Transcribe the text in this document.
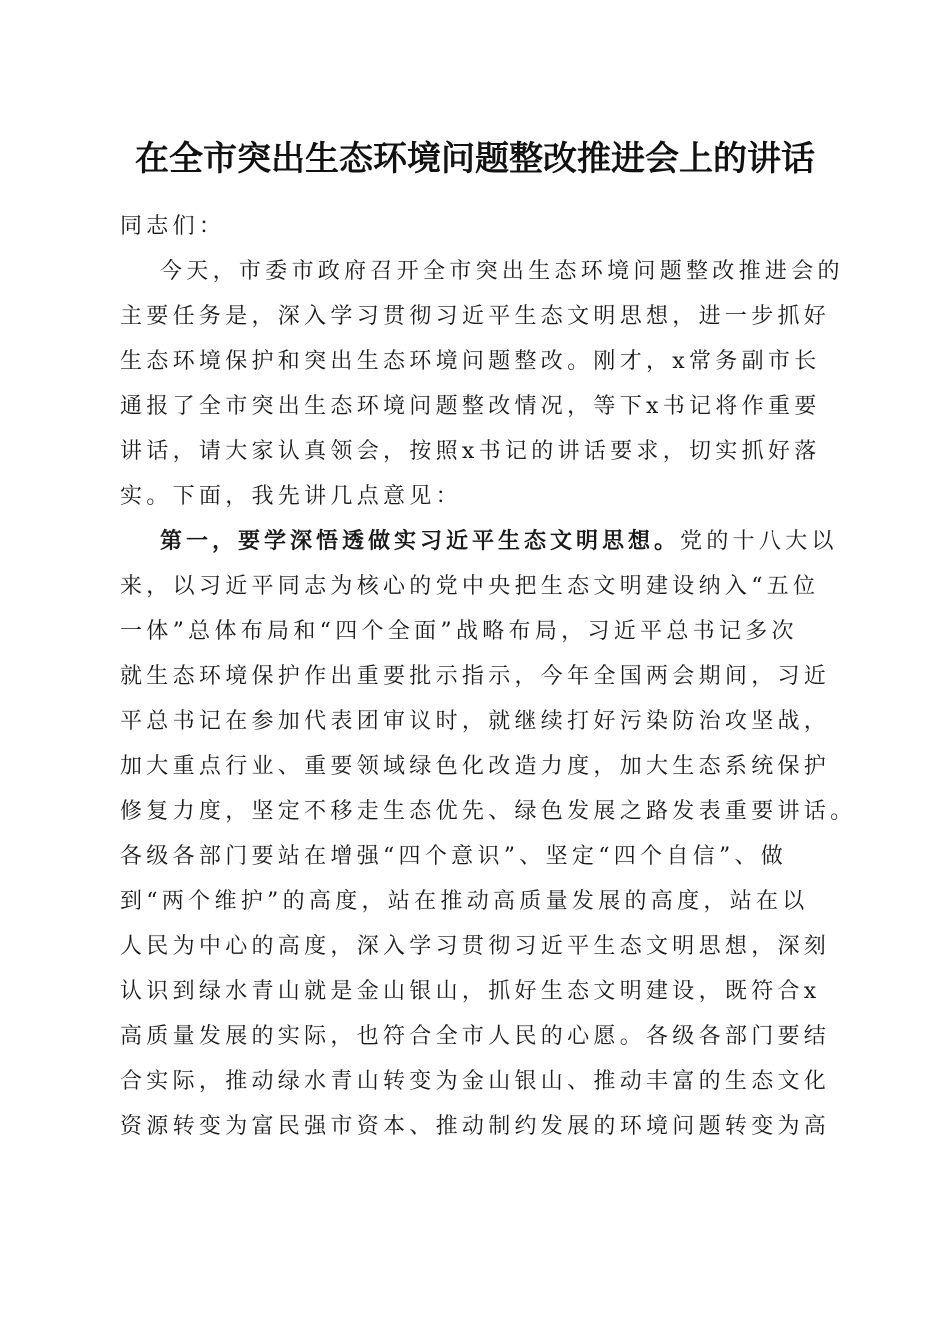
在全市突出生态环境问题整改推进会上的讲话
同志们：
今天，市委市政府召开全市突出生态环境问题整改推进会的
主要任务是，深入学习贯彻习近平生态文明思想，进一步抓好
生态环境保护和突出生态环境问题整改。刚才，x常务副市长
通报了全市突出生态环境问题整改情况，等下x书记将作重要
讲话，请大家认真领会，按照x书记的讲话要求，切实抓好落
实。下面，我先讲几点意见：
第一，要学深悟透做实习近平生态文明思想。党的十八大以
来，以习近平同志为核心的党中央把生态文明建设纳入“五位
一体”总体布局和“四个全面”战略布局，习近平总书记多次
就生态环境保护作出重要批示指示，今年全国两会期间，习近
平总书记在参加代表团审议时，就继续打好污染防治攻坚战，
加大重点行业、重要领域绿色化改造力度，加大生态系统保护
修复力度，坚定不移走生态优先、绿色发展之路发表重要讲话。
各级各部门要站在增强“四个意识”、坚定“四个自信”、做
到“两个维护”的高度，站在推动高质量发展的高度，站在以
人民为中心的高度，深入学习贯彻习近平生态文明思想，深刻
认识到绿水青山就是金山银山，抓好生态文明建设，既符合x
高质量发展的实际，也符合全市人民的心愿。各级各部门要结
合实际，推动绿水青山转变为金山银山、推动丰富的生态文化
资源转变为富民强市资本、推动制约发展的环境问题转变为高
